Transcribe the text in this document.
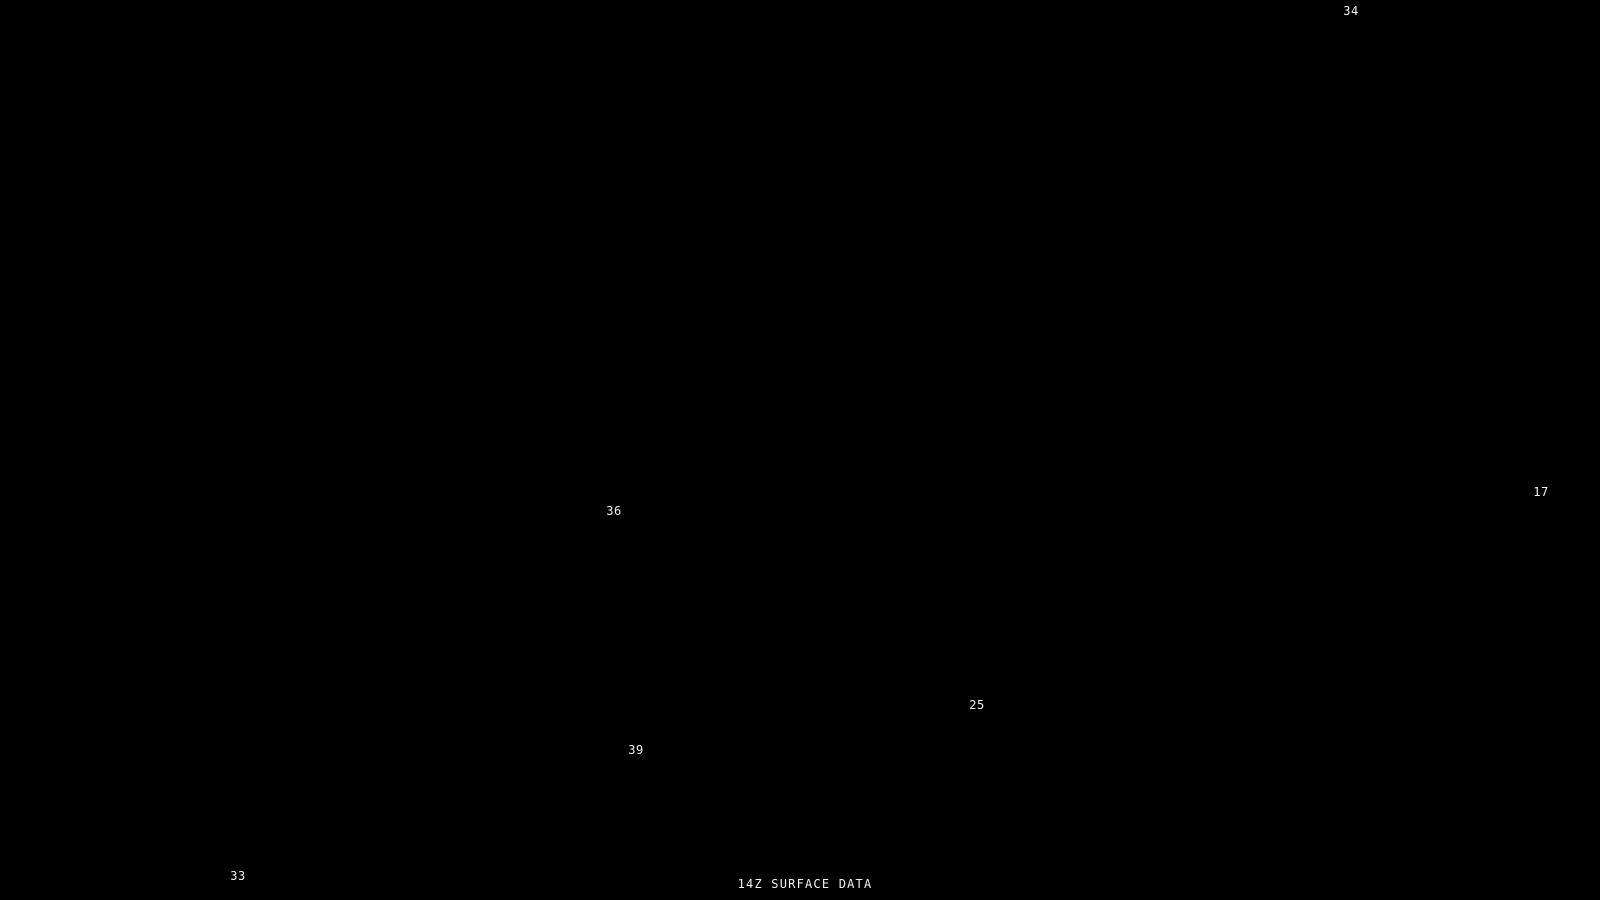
34
17
36
25
39
33
14Z SURFACE DATA
